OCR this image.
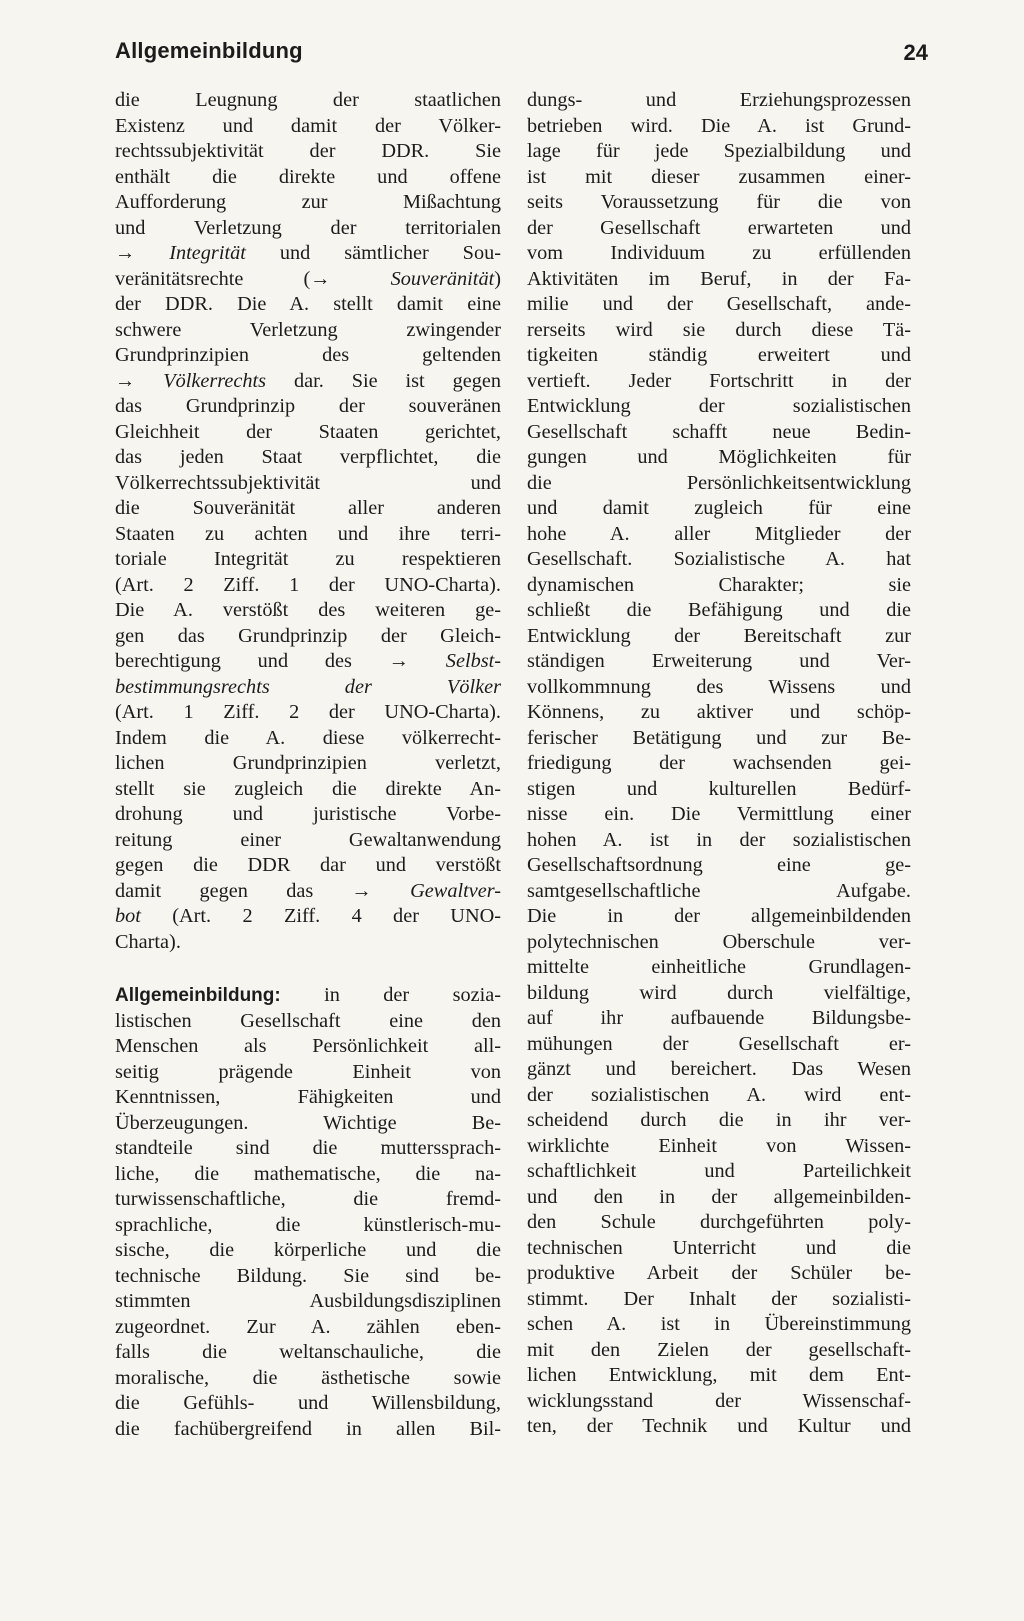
Allgemeinbildung	24
die Leugnung der staatlichen
Existenz und damit der Völker-
rechtssubjektivität der DDR. Sie
enthält die direkte und offene
Aufforderung zur Mißachtung
und Verletzung der territorialen
→ Integrität und sämtlicher Sou-
veränitätsrechte (→ Souveränität)
der DDR. Die A. stellt damit eine
schwere Verletzung zwingender
Grundprinzipien des geltenden
→ Völkerrechts dar. Sie ist gegen
das Grundprinzip der souveränen
Gleichheit der Staaten gerichtet,
das jeden Staat verpflichtet, die
Völkerrechtssubjektivität und
die Souveränität aller anderen
Staaten zu achten und ihre terri-
toriale Integrität zu respektieren
(Art. 2 Ziff. 1 der UNO-Charta).
Die A. verstößt des weiteren ge-
gen das Grundprinzip der Gleich-
berechtigung und des → Selbst-
bestimmungsrechts der Völker
(Art. 1 Ziff. 2 der UNO-Charta).
Indem die A. diese völkerrecht-
lichen Grundprinzipien verletzt,
stellt sie zugleich die direkte An-
drohung und juristische Vorbe-
reitung einer Gewaltanwendung
gegen die DDR dar und verstößt
damit gegen das → Gewaltver-
bot (Art. 2 Ziff. 4 der UNO-
Charta).
Allgemeinbildung: in der sozia-
listischen Gesellschaft eine den
Menschen als Persönlichkeit all-
seitig prägende Einheit von
Kenntnissen, Fähigkeiten und
Überzeugungen. Wichtige Be-
standteile sind die mutterssprach-
liche, die mathematische, die na-
turwissenschaftliche, die fremd-
sprachliche, die künstlerisch-mu-
sische, die körperliche und die
technische Bildung. Sie sind be-
stimmten Ausbildungsdisziplinen
zugeordnet. Zur A. zählen eben-
falls die weltanschauliche, die
moralische, die ästhetische sowie
die Gefühls- und Willensbildung,
die fachübergreifend in allen Bil-
dungs- und Erziehungsprozessen
betrieben wird. Die A. ist Grund-
lage für jede Spezialbildung und
ist mit dieser zusammen einer-
seits Voraussetzung für die von
der Gesellschaft erwarteten und
vom Individuum zu erfüllenden
Aktivitäten im Beruf, in der Fa-
milie und der Gesellschaft, ande-
rerseits wird sie durch diese Tä-
tigkeiten ständig erweitert und
vertieft. Jeder Fortschritt in der
Entwicklung der sozialistischen
Gesellschaft schafft neue Bedin-
gungen und Möglichkeiten für
die Persönlichkeitsentwicklung
und damit zugleich für eine
hohe A. aller Mitglieder der
Gesellschaft. Sozialistische A. hat
dynamischen Charakter; sie
schließt die Befähigung und die
Entwicklung der Bereitschaft zur
ständigen Erweiterung und Ver-
vollkommnung des Wissens und
Könnens, zu aktiver und schöp-
ferischer Betätigung und zur Be-
friedigung der wachsenden gei-
stigen und kulturellen Bedürf-
nisse ein. Die Vermittlung einer
hohen A. ist in der sozialistischen
Gesellschaftsordnung eine ge-
samtgesellschaftliche Aufgabe.
Die in der allgemeinbildenden
polytechnischen Oberschule ver-
mittelte einheitliche Grundlagen-
bildung wird durch vielfältige,
auf ihr aufbauende Bildungsbe-
mühungen der Gesellschaft er-
gänzt und bereichert. Das Wesen
der sozialistischen A. wird ent-
scheidend durch die in ihr ver-
wirklichte Einheit von Wissen-
schaftlichkeit und Parteilichkeit
und den in der allgemeinbilden-
den Schule durchgeführten poly-
technischen Unterricht und die
produktive Arbeit der Schüler be-
stimmt. Der Inhalt der sozialisti-
schen A. ist in Übereinstimmung
mit den Zielen der gesellschaft-
lichen Entwicklung, mit dem Ent-
wicklungsstand der Wissenschaf-
ten, der Technik und Kultur und
